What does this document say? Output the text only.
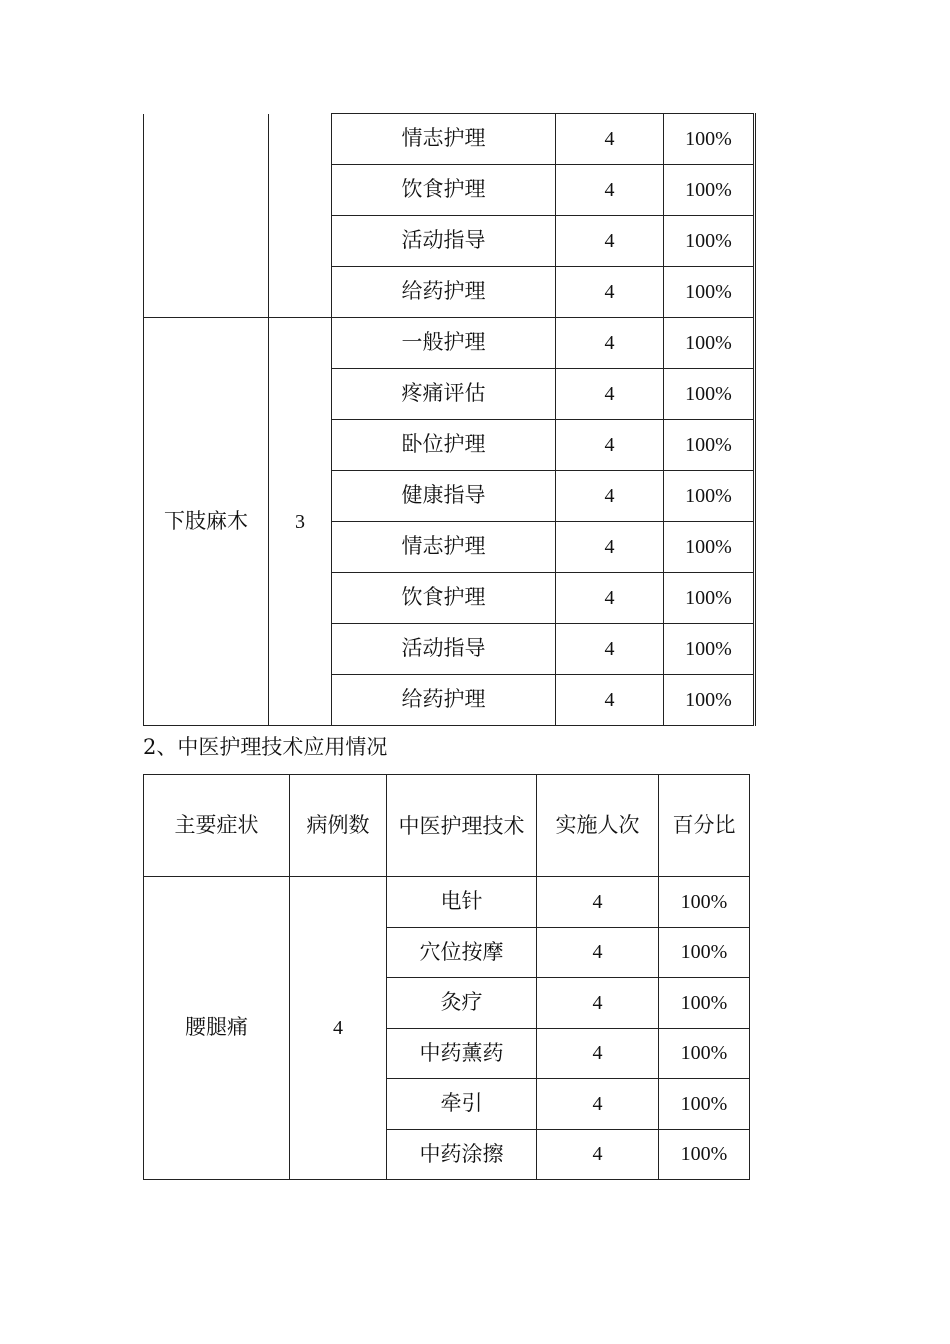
		情志护理	4	100%
		饮食护理	4	100%
		活动指导	4	100%
		给药护理	4	100%
下肢麻木	3	一般护理	4	100%
		疼痛评估	4	100%
		卧位护理	4	100%
		健康指导	4	100%
		情志护理	4	100%
		饮食护理	4	100%
		活动指导	4	100%
		给药护理	4	100%
2、中医护理技术应用情况
主要症状	病例数	中医护理技术	实施人次	百分比
腰腿痛	4	电针	4	100%
		穴位按摩	4	100%
		灸疗	4	100%
		中药薰药	4	100%
		牵引	4	100%
		中药涂擦	4	100%
